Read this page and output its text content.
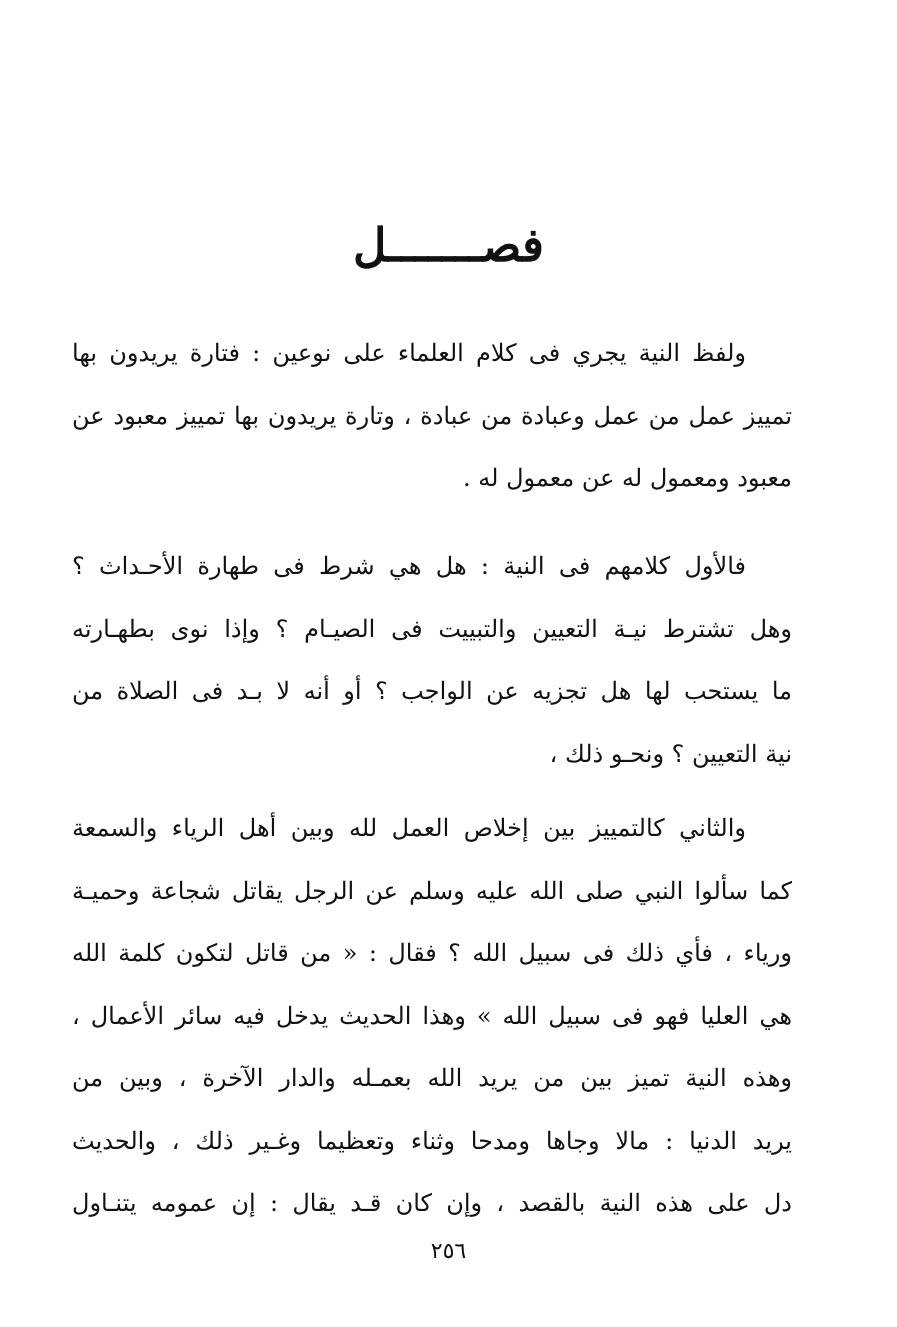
فصـــــــل
ولفظ النية يجري فى كلام العلماء على نوعين : فتارة يريدون بها
تمييز عمل من عمل وعبادة من عبادة ، وتارة يريدون بها تمييز معبود عن
معبود ومعمول له عن معمول له .
فالأول كلامهم فى النية : هل هي شرط فى طهارة الأحـداث ؟
وهل تشترط نيـة التعيين والتبييت فى الصيـام ؟ وإذا نوى بطهـارته
ما يستحب لها هل تجزيه عن الواجب ؟ أو أنه لا بـد فى الصلاة من
نية التعيين ؟ ونحـو ذلك ،
والثاني كالتمييز بين إخلاص العمل لله وبين أهل الرياء والسمعة
كما سألوا النبي صلى الله عليه وسلم عن الرجل يقاتل شجاعة وحميـة
ورياء ، فأي ذلك فى سبيل الله ؟ فقال : « من قاتل لتكون كلمة الله
هي العليا فهو فى سبيل الله » وهذا الحديث يدخل فيه سائر الأعمال ،
وهذه النية تميز بين من يريد الله بعمـله والدار الآخرة ، وبين من
يريد الدنيا : مالا وجاها ومدحا وثناء وتعظيما وغـير ذلك ، والحديث
دل على هذه النية بالقصد ، وإن كان قـد يقال : إن عمومه يتنـاول
٢٥٦
